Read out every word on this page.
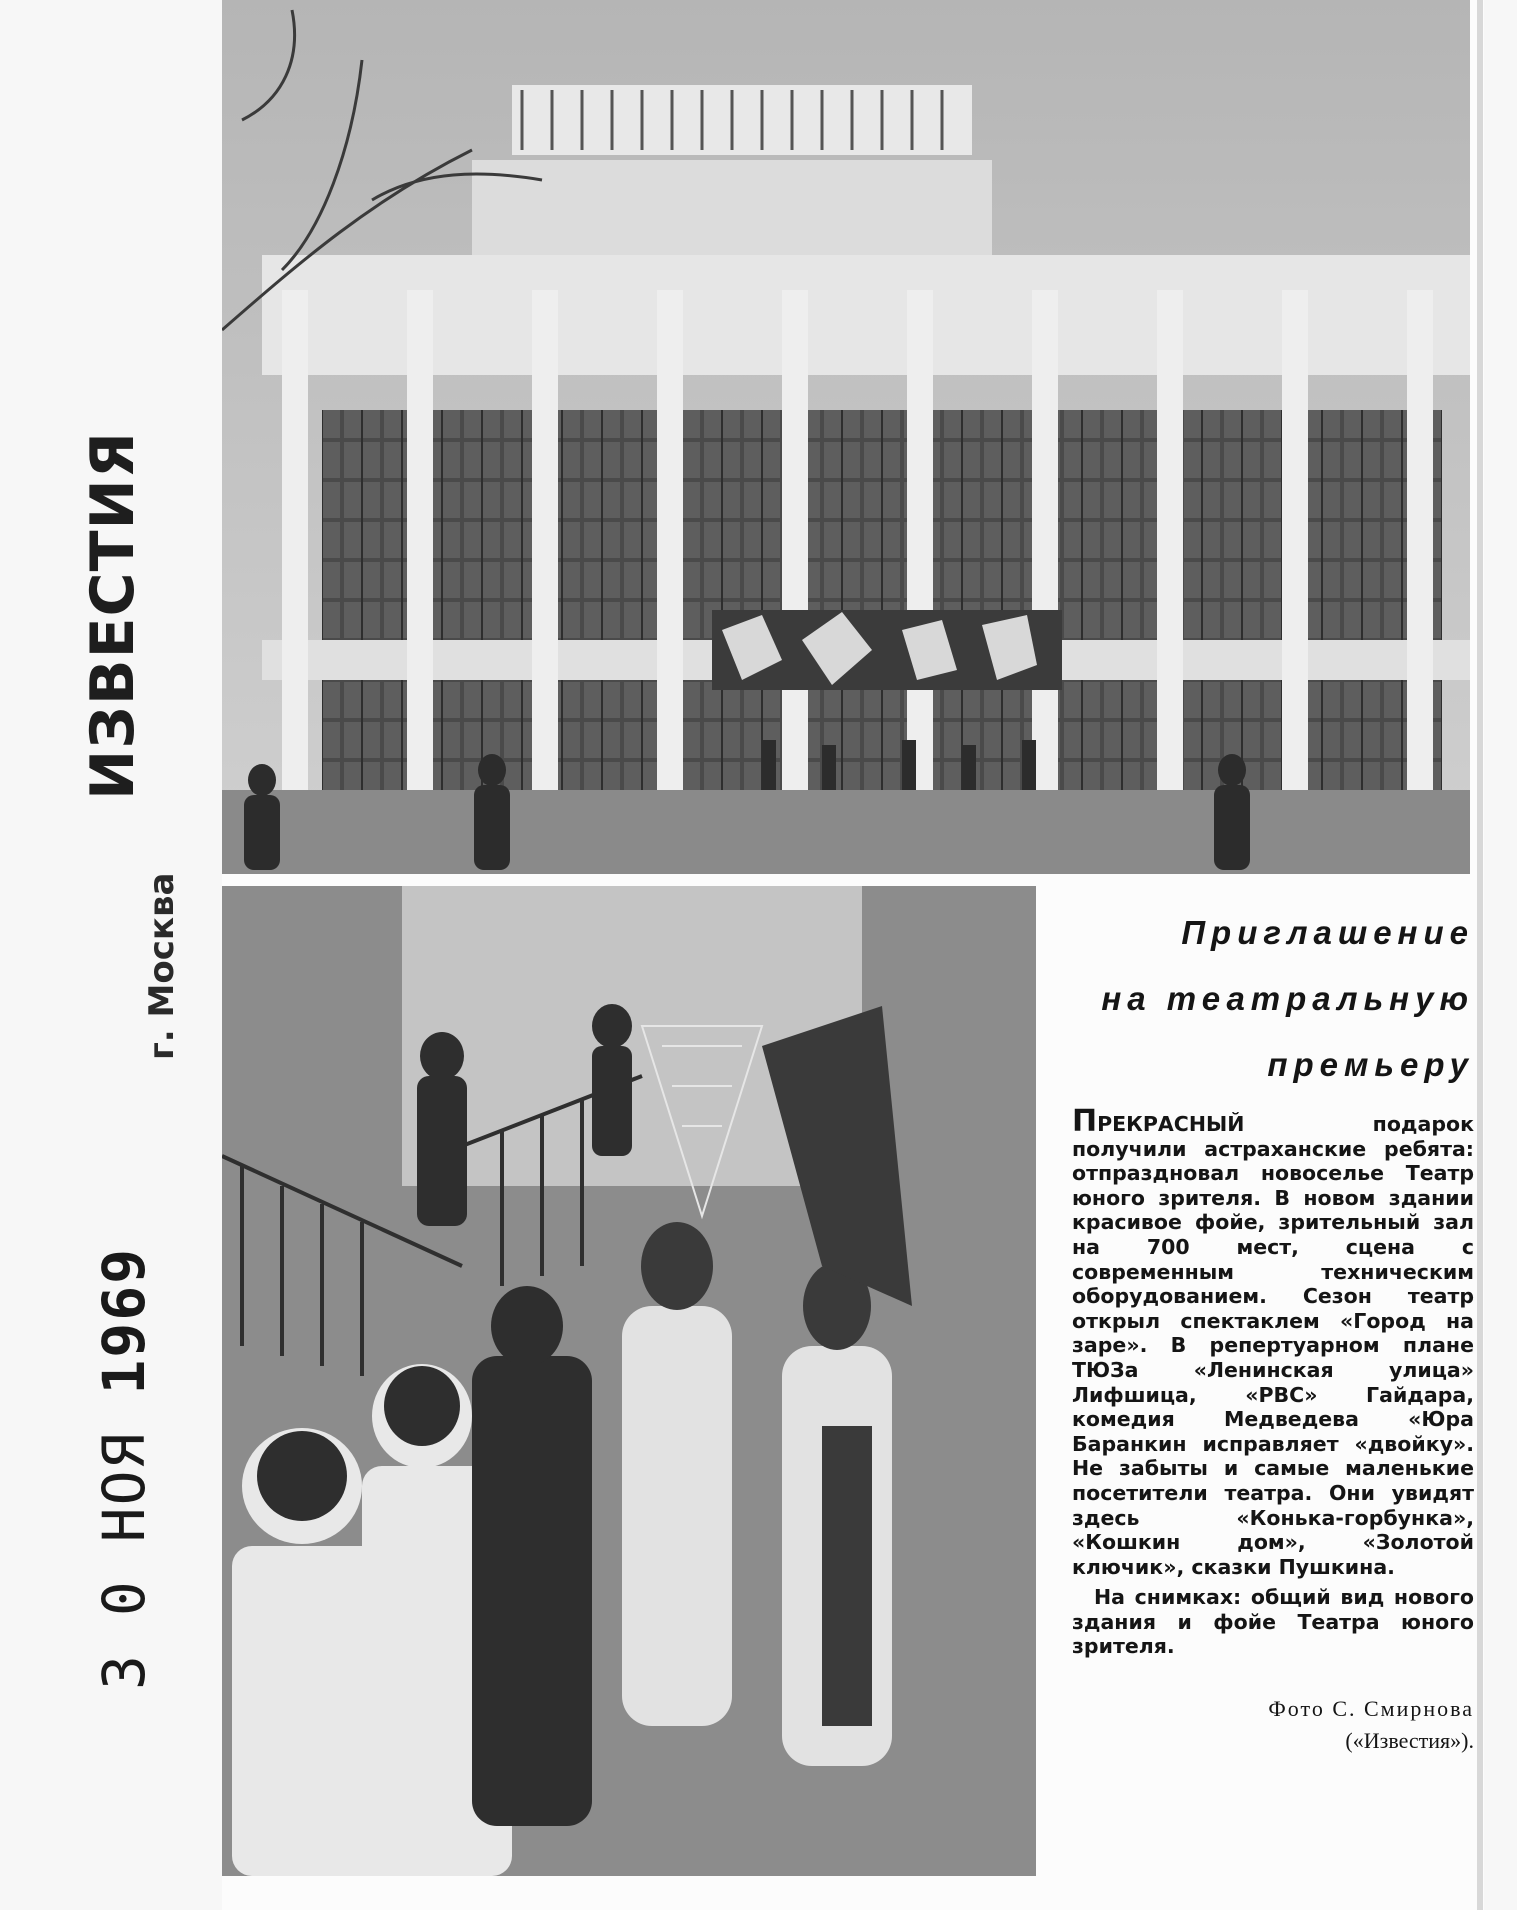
ИЗВЕСТИЯ
г. Москва
3 0 НОЯ 1969
Приглашение
на театральную
премьеру
ПРЕКРАСНЫЙ подарок получили астраханские ребята: отпраздновал новоселье Театр юного зрителя. В новом здании красивое фойе, зрительный зал на 700 мест, сцена с современным техническим оборудованием. Сезон театр открыл спектаклем «Город на заре». В репертуарном плане ТЮЗа «Ленинская улица» Лифшица, «РВС» Гайдара, комедия Медведева «Юра Баранкин исправляет «двойку». Не забыты и самые маленькие посетители театра. Они увидят здесь «Конька-горбунка», «Кошкин дом», «Золотой ключик», сказки Пушкина.
На снимках: общий вид нового здания и фойе Театра юного зрителя.
Фото С. Смирнова
(«Известия»).
